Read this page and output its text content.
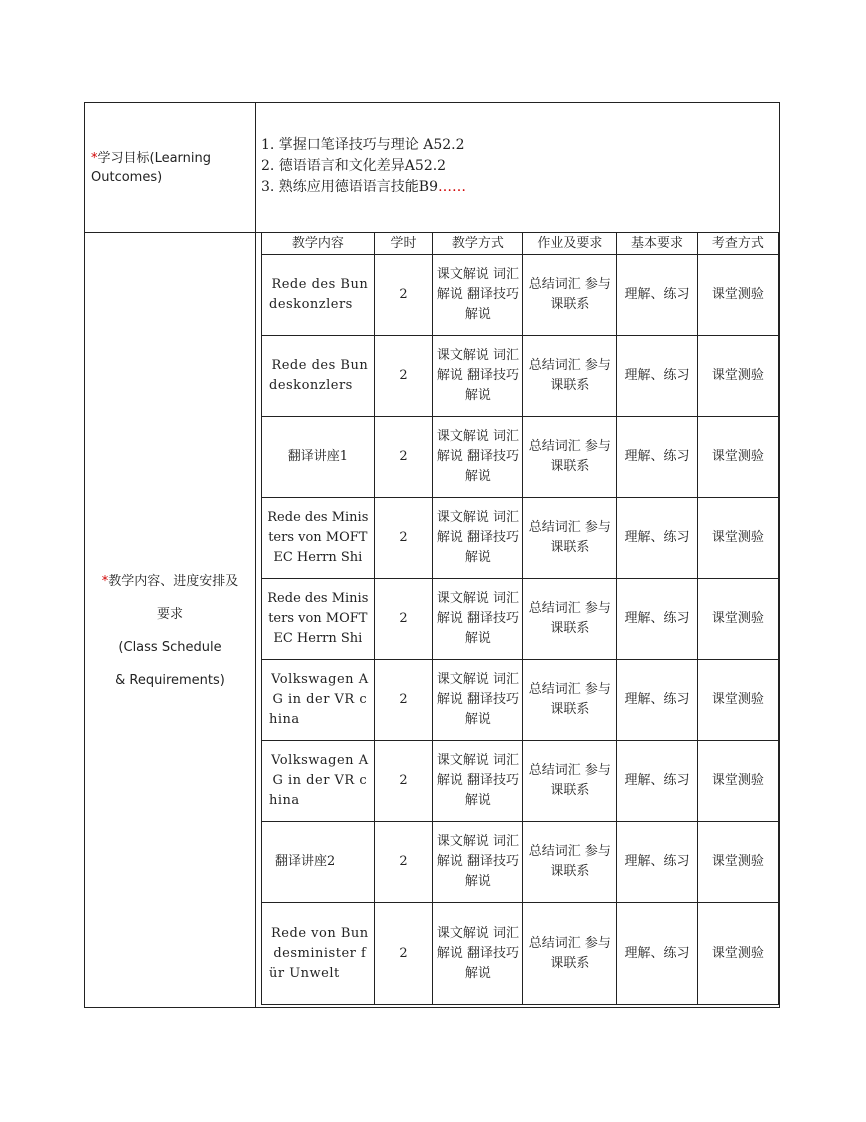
*学习目标(Learning Outcomes)
1. 掌握口笔译技巧与理论 A52.2
2. 德语语言和文化差异A52.2
3. 熟练应用德语语言技能B9……
*教学内容、进度安排及
要求
(Class Schedule
& Requirements)
教学内容	学时	教学方式	作业及要求	基本要求	考查方式
Rede des Bundeskonzlers	2	课文解说 词汇解说 翻译技巧解说	总结词汇 参与课联系	理解、练习	课堂测验
Rede des Bundeskonzlers	2	课文解说 词汇解说 翻译技巧解说	总结词汇 参与课联系	理解、练习	课堂测验
翻译讲座1	2	课文解说 词汇解说 翻译技巧解说	总结词汇 参与课联系	理解、练习	课堂测验
Rede des Ministers von MOFTEC Herrn Shi	2	课文解说 词汇解说 翻译技巧解说	总结词汇 参与课联系	理解、练习	课堂测验
Rede des Ministers von MOFTEC Herrn Shi	2	课文解说 词汇解说 翻译技巧解说	总结词汇 参与课联系	理解、练习	课堂测验
Volkswagen AG in der VR china	2	课文解说 词汇解说 翻译技巧解说	总结词汇 参与课联系	理解、练习	课堂测验
Volkswagen AG in der VR china	2	课文解说 词汇解说 翻译技巧解说	总结词汇 参与课联系	理解、练习	课堂测验
翻译讲座2	2	课文解说 词汇解说 翻译技巧解说	总结词汇 参与课联系	理解、练习	课堂测验
Rede von Bundesminister für Unwelt	2	课文解说 词汇解说 翻译技巧解说	总结词汇 参与课联系	理解、练习	课堂测验
